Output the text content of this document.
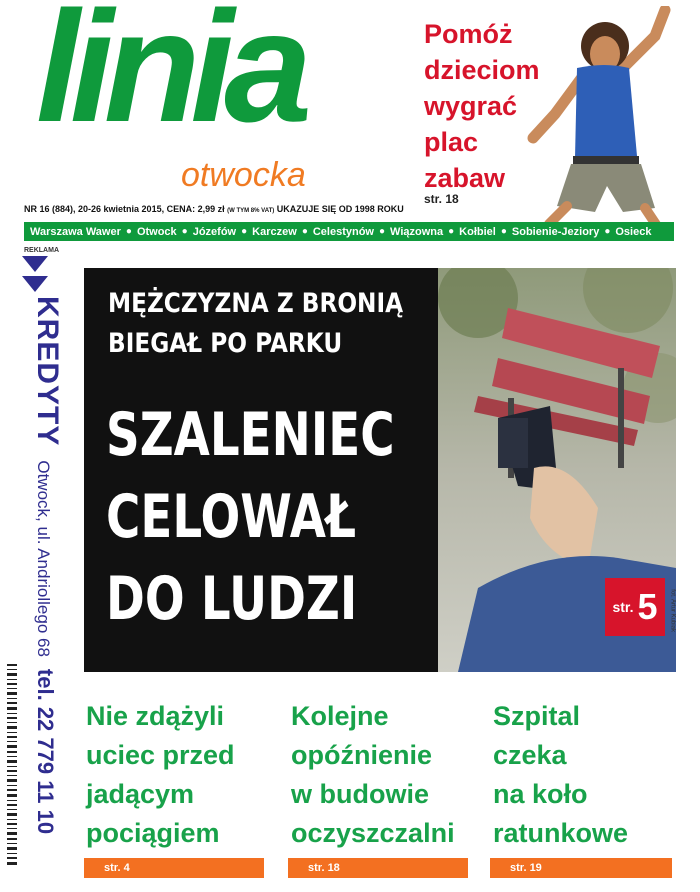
linia
otwocka
Pomóż
dzieciom
wygrać
plac
zabaw
str. 18
NR 16 (884), 20-26 kwietnia 2015, CENA: 2,99 zł (W TYM 8% VAT) UKAZUJE SIĘ OD 1998 ROKU
Warszawa Wawer ● Otwock ● Józefów ● Karczew ● Celestynów ● Wiązowna ● Kołbiel ● Sobienie-Jeziory ● Osieck
REKLAMA
KREDYTY
Otwock, ul. Andriollego 68
tel. 22 779 11 10
MĘŻCZYZNA Z BRONIĄ
BIEGAŁ PO PARKU
SZALENIEC
CELOWAŁ
DO LUDZI	fot. Artur Kubiak
str. 5
Nie zdążyli
uciec przed
jadącym
pociągiem
str. 4
Kolejne
opóźnienie
w budowie
oczyszczalni
str. 18
Szpital
czeka
na koło
ratunkowe
str. 19
